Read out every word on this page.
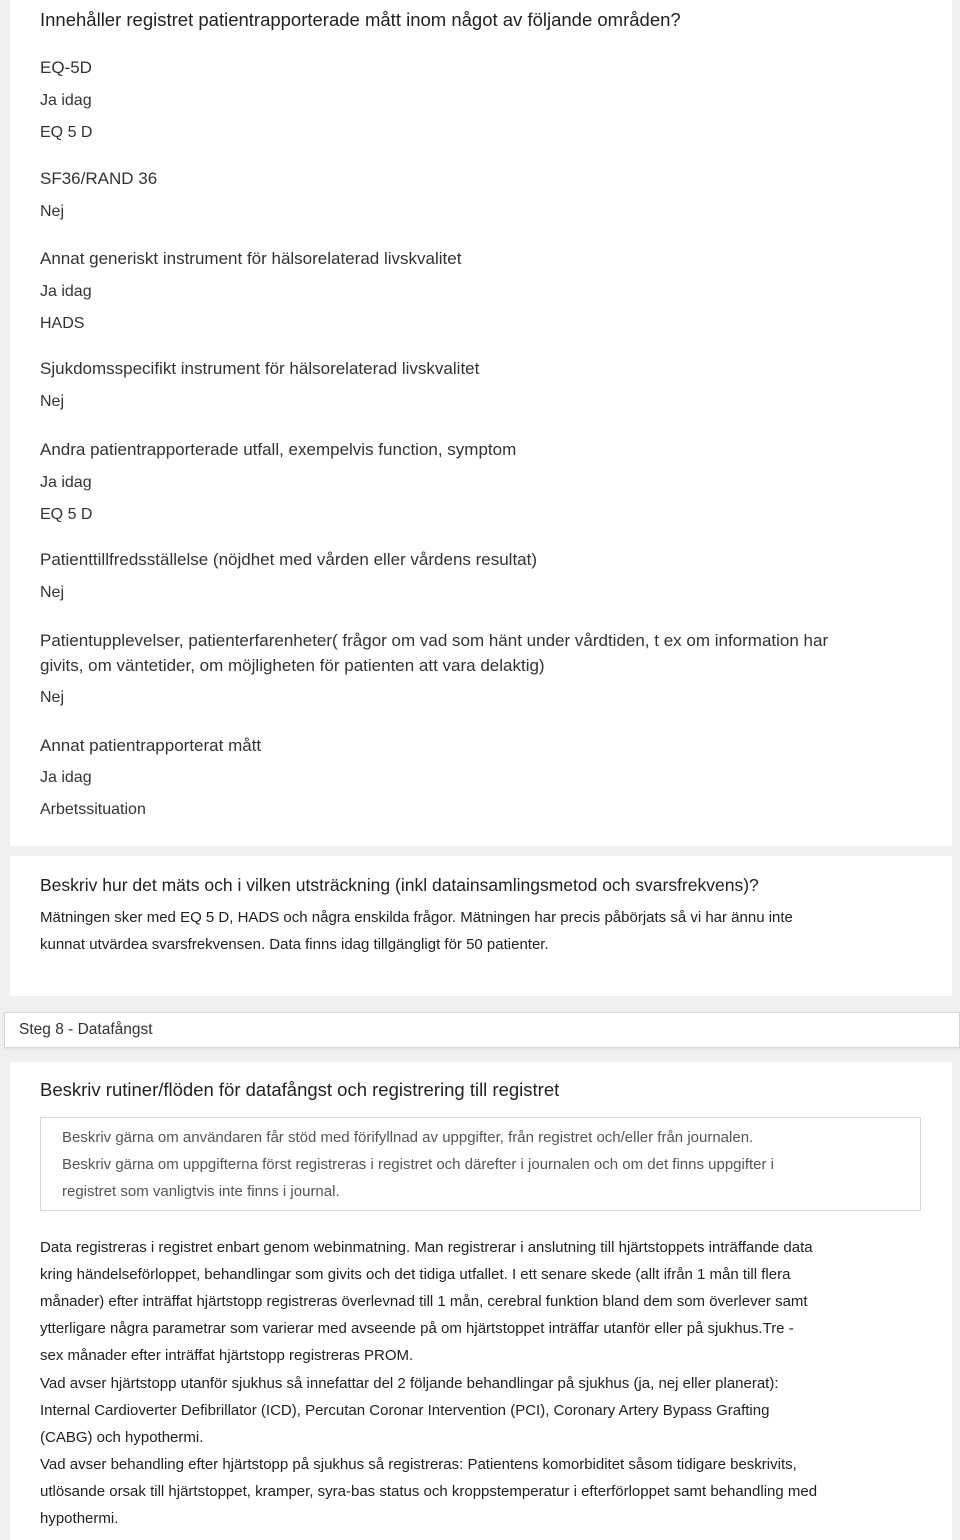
Steg 8 - Datafångst
Innehåller registret patientrapporterade mått inom något av följande områden?
EQ-5D
Ja idag
EQ 5 D
SF36/RAND 36
Nej
Annat generiskt instrument för hälsorelaterad livskvalitet
Ja idag
HADS
Sjukdomsspecifikt instrument för hälsorelaterad livskvalitet
Nej
Andra patientrapporterade utfall, exempelvis function, symptom
Ja idag
EQ 5 D
Patienttillfredsställelse (nöjdhet med vården eller vårdens resultat)
Nej
Patientupplevelser, patienterfarenheter( frågor om vad som hänt under vårdtiden, t ex om information har
givits, om väntetider, om möjligheten för patienten att vara delaktig)
Nej
Annat patientrapporterat mått
Ja idag
Arbetssituation
Beskriv hur det mäts och i vilken utsträckning (inkl datainsamlingsmetod och svarsfrekvens)?
Mätningen sker med EQ 5 D, HADS och några enskilda frågor. Mätningen har precis påbörjats så vi har ännu inte
kunnat utvärdea svarsfrekvensen. Data finns idag tillgängligt för 50 patienter.
Beskriv rutiner/flöden för datafångst och registrering till registret
Beskriv gärna om användaren får stöd med förifyllnad av uppgifter, från registret och/eller från journalen.
Beskriv gärna om uppgifterna först registreras i registret och därefter i journalen och om det finns uppgifter i
registret som vanligtvis inte finns i journal.
Data registreras i registret enbart genom webinmatning. Man registrerar i anslutning till hjärtstoppets inträffande data
kring händelseförloppet, behandlingar som givits och det tidiga utfallet. I ett senare skede (allt ifrån 1 mån till flera
månader) efter inträffat hjärtstopp registreras överlevnad till 1 mån, cerebral funktion bland dem som överlever samt
ytterligare några parametrar som varierar med avseende på om hjärtstoppet inträffar utanför eller på sjukhus.Tre -
sex månader efter inträffat hjärtstopp registreras PROM.
Vad avser hjärtstopp utanför sjukhus så innefattar del 2 följande behandlingar på sjukhus (ja, nej eller planerat):
Internal Cardioverter Defibrillator (ICD), Percutan Coronar Intervention (PCI), Coronary Artery Bypass Grafting
(CABG) och hypothermi.
Vad avser behandling efter hjärtstopp på sjukhus så registreras: Patientens komorbiditet såsom tidigare beskrivits,
utlösande orsak till hjärtstoppet, kramper, syra-bas status och kroppstemperatur i efterförloppet samt behandling med
hypothermi.
